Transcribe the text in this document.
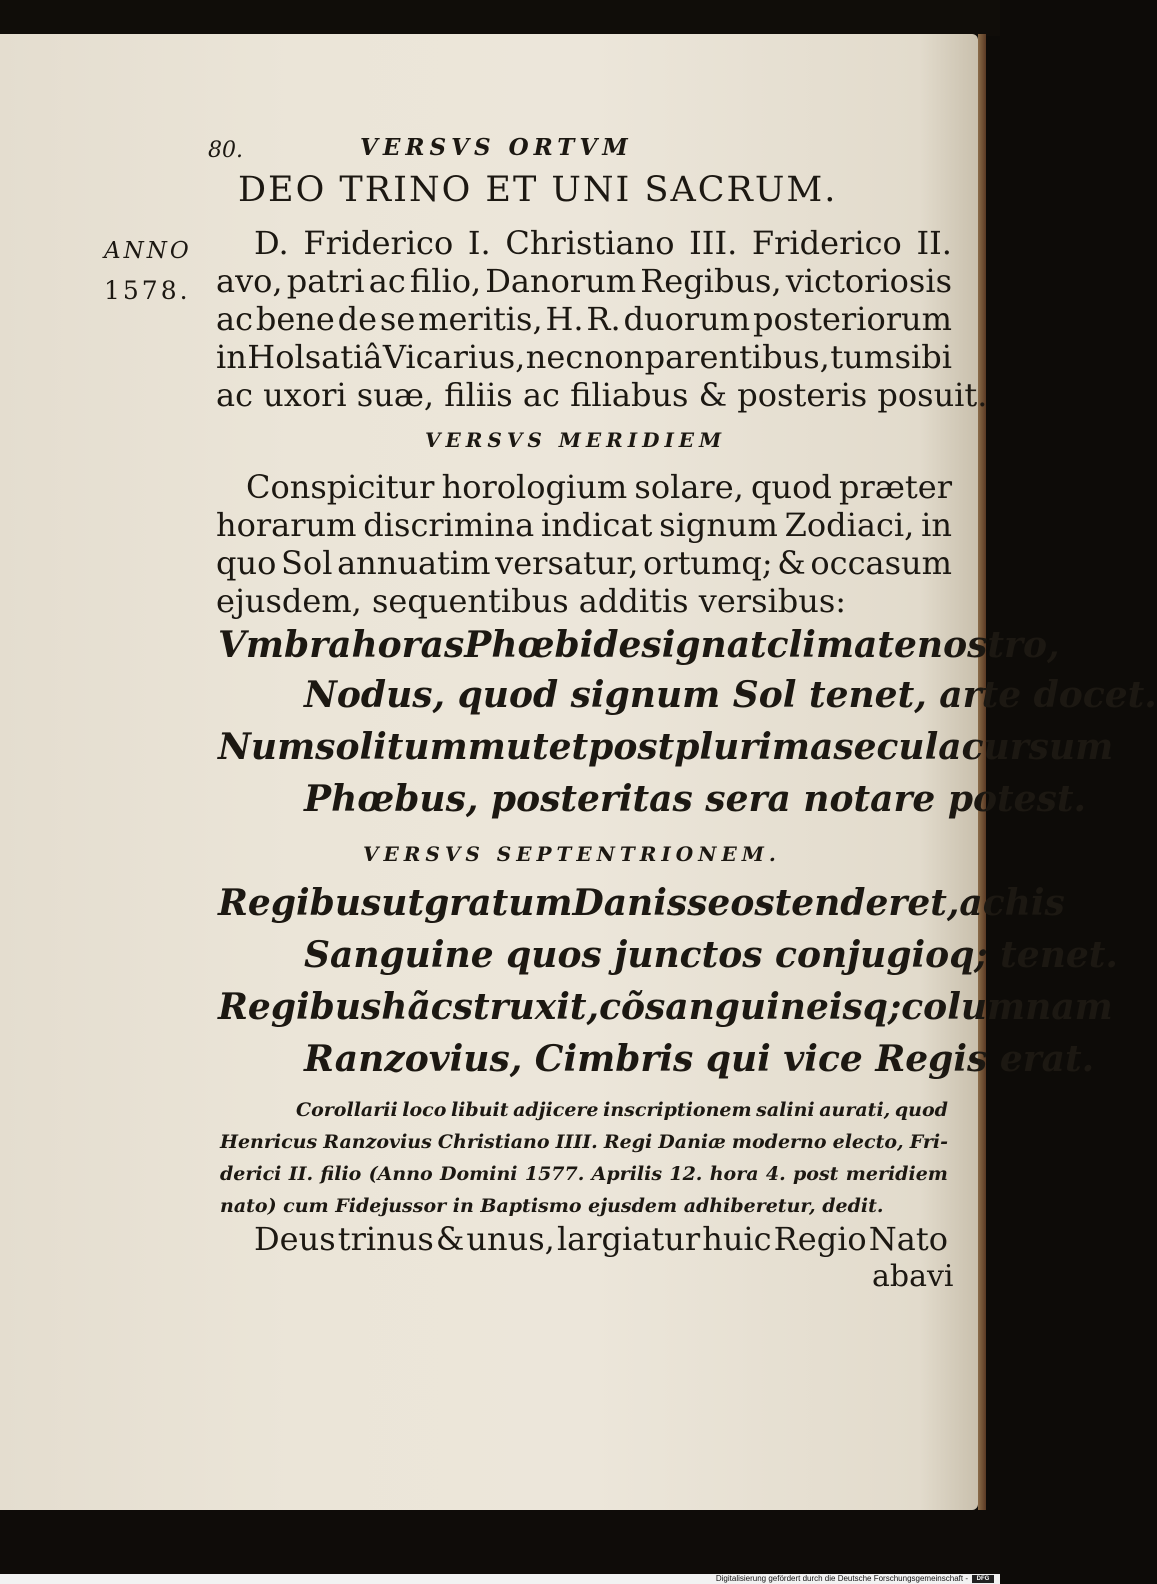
80.	VERSVS ORTVM
DEO TRINO ET UNI SACRUM.
ANNO
1578.
D. Friderico I. Christiano III. Friderico II.
avo, patri ac filio, Danorum Regibus, victoriosis
ac bene de se meritis, H. R. duorum posteriorum
in Holsatiâ Vicarius, nec non parentibus, tum sibi
ac uxori suæ, filiis ac filiabus & posteris posuit.
VERSVS MERIDIEM
Conspicitur horologium solare, quod præter
horarum discrimina indicat signum Zodiaci, in
quo Sol annuatim versatur, ortumq; & occasum
ejusdem, sequentibus additis versibus:
Vmbra horas Phœbi designat climate nostro,
Nodus, quod signum Sol tenet, arte docet.
Num solitum mutet post plurima secula cursum
Phœbus, posteritas sera notare potest.
VERSVS SEPTENTRIONEM.
Regibus ut gratum Danis se ostenderet, ac his
Sanguine quos junctos conjugioq; tenet.
Regibus hãc struxit, cõsanguineisq; columnam
Ranzovius, Cimbris qui vice Regis erat.
Corollarii loco libuit adjicere inscriptionem salini aurati, quod
Henricus Ranzovius Christiano IIII. Regi Daniæ moderno electo, Fri-
derici II. filio (Anno Domini 1577. Aprilis 12. hora 4. post meridiem
nato) cum Fidejussor in Baptismo ejusdem adhiberetur, dedit.
Deus trinus & unus, largiatur huic Regio Nato
abavi
Digitalisierung gefördert durch die Deutsche Forschungsgemeinschaft -	DFG
